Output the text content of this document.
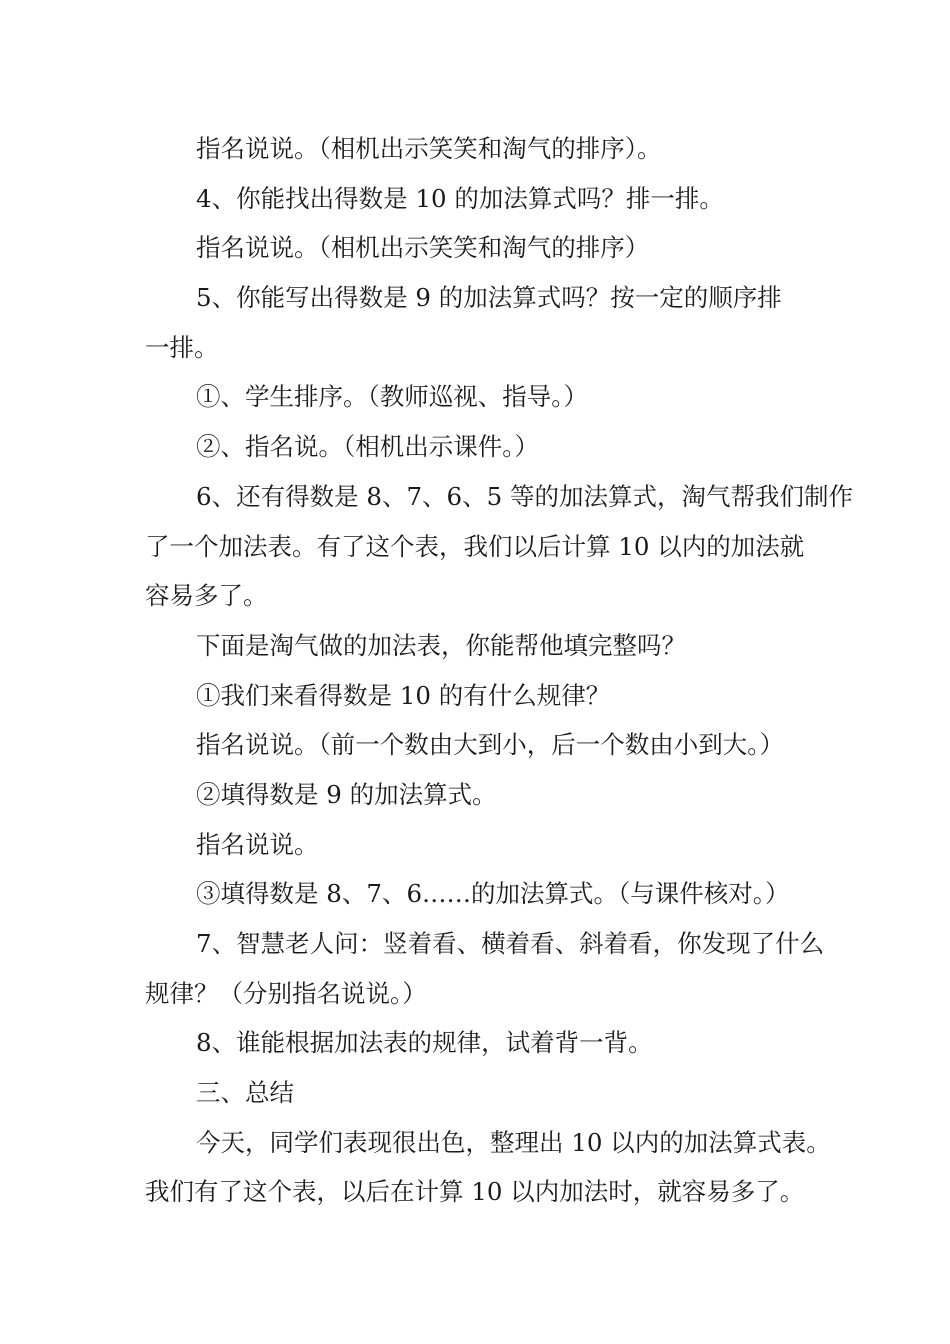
指名说说。（相机出示笑笑和淘气的排序）。
4、你能找出得数是 10 的加法算式吗？排一排。
指名说说。（相机出示笑笑和淘气的排序）
5、你能写出得数是 9 的加法算式吗？按一定的顺序排
一排。
①、学生排序。（教师巡视、指导。）
②、指名说。（相机出示课件。）
6、还有得数是 8、7、6、5 等的加法算式，淘气帮我们制作
了一个加法表。有了这个表，我们以后计算 10 以内的加法就
容易多了。
下面是淘气做的加法表，你能帮他填完整吗？
①我们来看得数是 10 的有什么规律？
指名说说。（前一个数由大到小，后一个数由小到大。）
②填得数是 9 的加法算式。
指名说说。
③填得数是 8、7、6……的加法算式。（与课件核对。）
7、智慧老人问：竖着看、横着看、斜着看，你发现了什么
规律？（分别指名说说。）
8、谁能根据加法表的规律，试着背一背。
三、总结
今天，同学们表现很出色，整理出 10 以内的加法算式表。
我们有了这个表，以后在计算 10 以内加法时，就容易多了。
